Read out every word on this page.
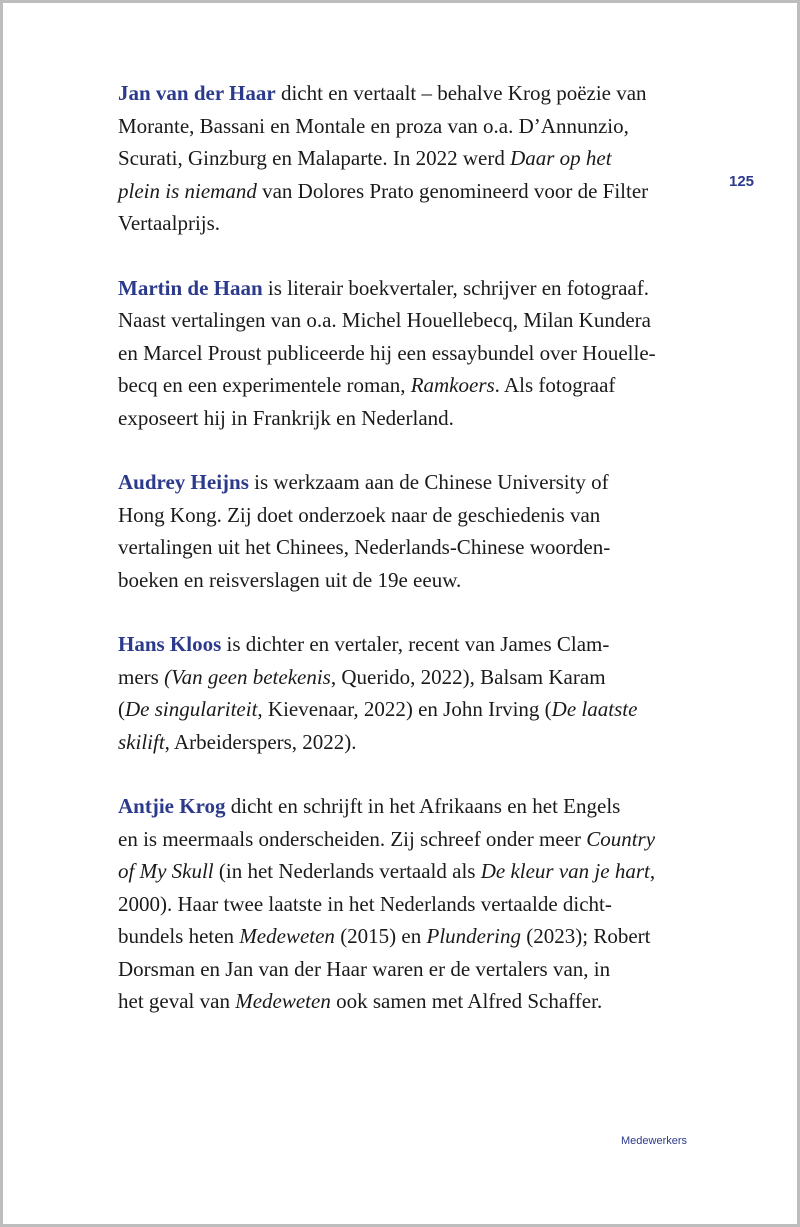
125

Jan van der Haar dicht en vertaalt – behalve Krog poëzie van
Morante, Bassani en Montale en proza van o.a. D’Annunzio,
Scurati, Ginzburg en Malaparte. In 2022 werd Daar op het
plein is niemand van Dolores Prato genomineerd voor de Filter
Vertaalprijs.

Martin de Haan is literair boekvertaler, schrijver en fotograaf.
Naast vertalingen van o.a. Michel Houellebecq, Milan Kundera
en Marcel Proust publiceerde hij een essaybundel over Houelle-
becq en een experimentele roman, Ramkoers. Als fotograaf
exposeert hij in Frankrijk en Nederland.

Audrey Heijns is werkzaam aan de Chinese University of
Hong Kong. Zij doet onderzoek naar de geschiedenis van
vertalingen uit het Chinees, Nederlands-Chinese woorden-
boeken en reisverslagen uit de 19e eeuw.

Hans Kloos is dichter en vertaler, recent van James Clam-
mers (Van geen betekenis, Querido, 2022), Balsam Karam
(De singulariteit, Kievenaar, 2022) en John Irving (De laatste
skilift, Arbeiderspers, 2022).

Antjie Krog dicht en schrijft in het Afrikaans en het Engels
en is meermaals onderscheiden. Zij schreef onder meer Country
of My Skull (in het Nederlands vertaald als De kleur van je hart,
2000). Haar twee laatste in het Nederlands vertaalde dicht-
bundels heten Medeweten (2015) en Plundering (2023); Robert
Dorsman en Jan van der Haar waren er de vertalers van, in
het geval van Medeweten ook samen met Alfred Schaffer.

Medewerkers
